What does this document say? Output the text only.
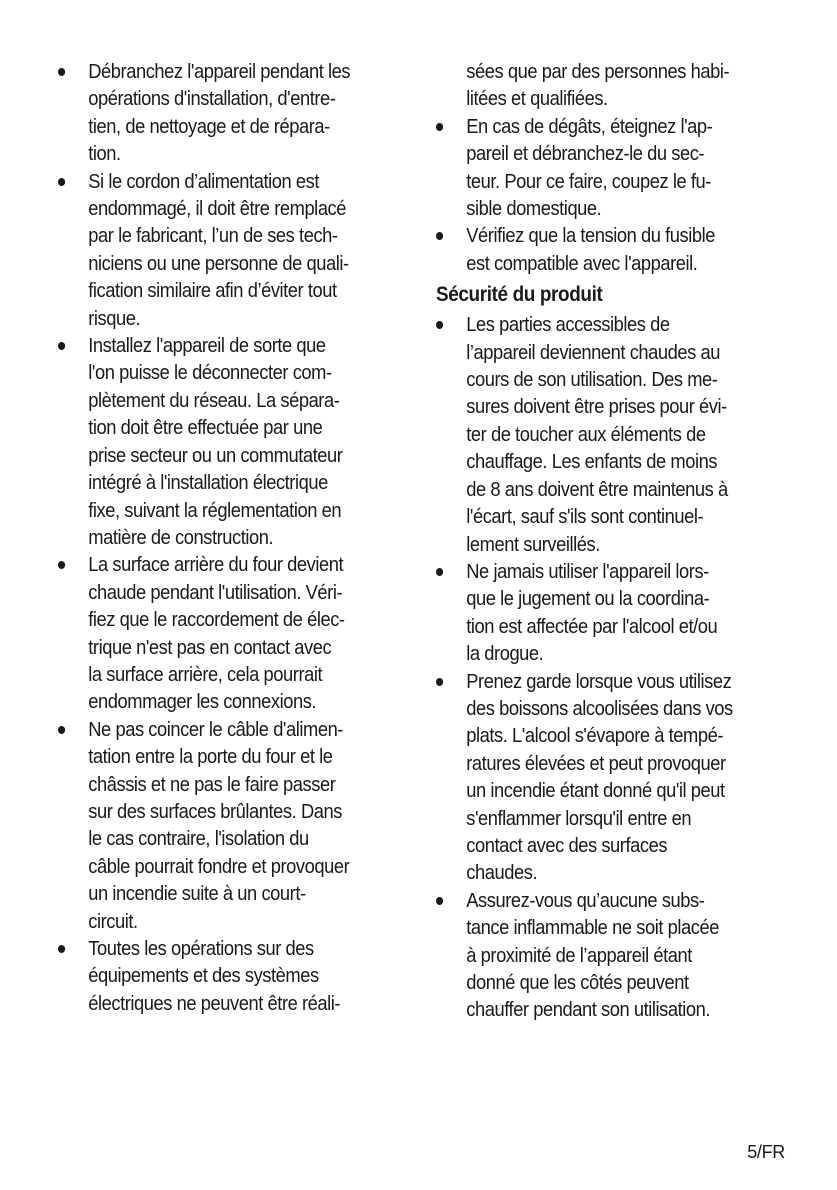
Débranchez l'appareil pendant les
opérations d'installation, d'entre-
tien, de nettoyage et de répara-
tion.
Si le cordon d’alimentation est
endommagé, il doit être remplacé
par le fabricant, l’un de ses tech-
niciens ou une personne de quali-
fication similaire afin d’éviter tout
risque.
Installez l'appareil de sorte que
l'on puisse le déconnecter com-
plètement du réseau. La sépara-
tion doit être effectuée par une
prise secteur ou un commutateur
intégré à l'installation électrique
fixe, suivant la réglementation en
matière de construction.
La surface arrière du four devient
chaude pendant l'utilisation. Véri-
fiez que le raccordement de élec-
trique n'est pas en contact avec
la surface arrière, cela pourrait
endommager les connexions.
Ne pas coincer le câble d'alimen-
tation entre la porte du four et le
châssis et ne pas le faire passer
sur des surfaces brûlantes. Dans
le cas contraire, l'isolation du
câble pourrait fondre et provoquer
un incendie suite à un court-
circuit.
Toutes les opérations sur des
équipements et des systèmes
électriques ne peuvent être réali-
sées que par des personnes habi-
litées et qualifiées.
En cas de dégâts, éteignez l'ap-
pareil et débranchez-le du sec-
teur. Pour ce faire, coupez le fu-
sible domestique.
Vérifiez que la tension du fusible
est compatible avec l'appareil.
Sécurité du produit
Les parties accessibles de
l’appareil deviennent chaudes au
cours de son utilisation. Des me-
sures doivent être prises pour évi-
ter de toucher aux éléments de
chauffage. Les enfants de moins
de 8 ans doivent être maintenus à
l'écart, sauf s'ils sont continuel-
lement surveillés.
Ne jamais utiliser l'appareil lors-
que le jugement ou la coordina-
tion est affectée par l'alcool et/ou
la drogue.
Prenez garde lorsque vous utilisez
des boissons alcoolisées dans vos
plats. L'alcool s'évapore à tempé-
ratures élevées et peut provoquer
un incendie étant donné qu'il peut
s'enflammer lorsqu'il entre en
contact avec des surfaces
chaudes.
Assurez-vous qu’aucune subs-
tance inflammable ne soit placée
à proximité de l’appareil étant
donné que les côtés peuvent
chauffer pendant son utilisation.
5/FR
